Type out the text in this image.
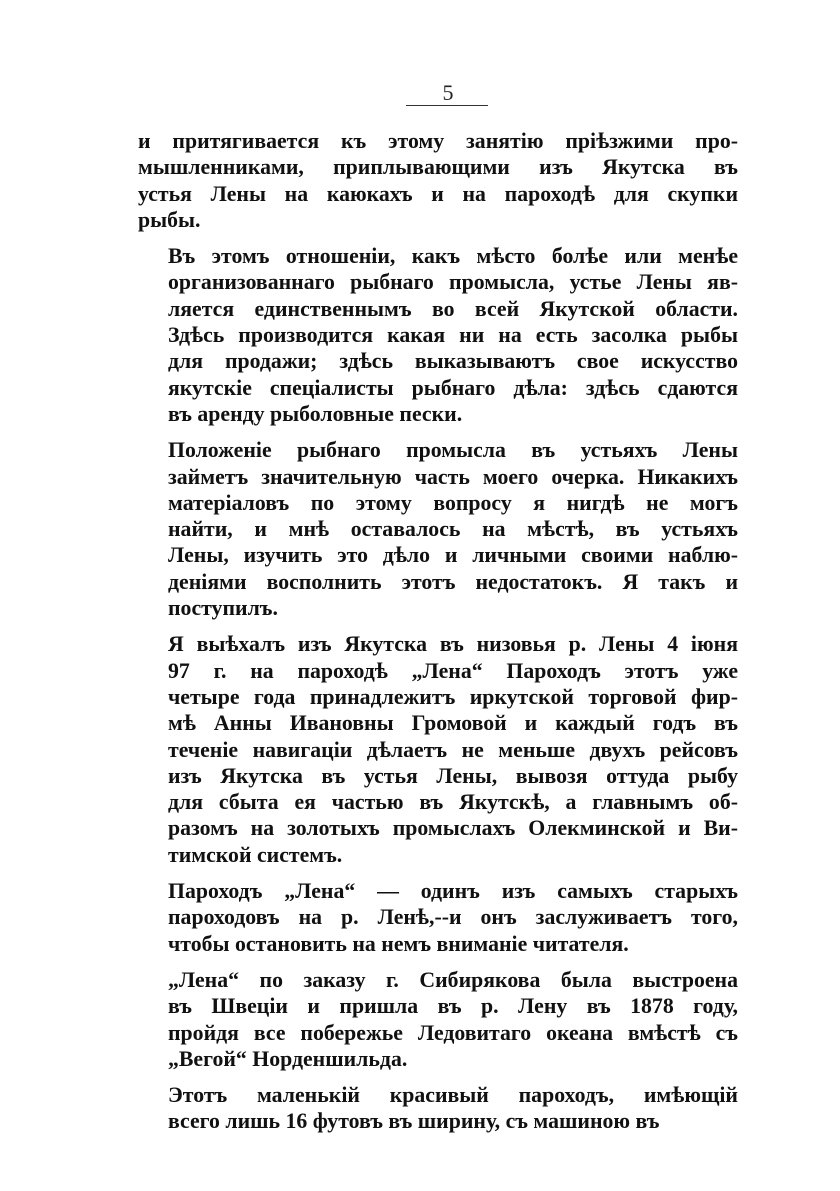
5

и притягивается къ этому занятію пріѣзжими про-
мышленниками, приплывающими изъ Якутска въ
устья Лены на каюкахъ и на пароходѣ для скупки
рыбы.

Въ этомъ отношеніи, какъ мѣсто болѣе или менѣе
организованнаго рыбнаго промысла, устье Лены яв-
ляется единственнымъ во всей Якутской области.
Здѣсь производится какая ни на есть засолка рыбы
для продажи; здѣсь выказываютъ свое искусство
якутскіе спеціалисты рыбнаго дѣла: здѣсь сдаются
въ аренду рыболовные пески.

Положеніе рыбнаго промысла въ устьяхъ Лены
займетъ значительную часть моего очерка. Никакихъ
матеріаловъ по этому вопросу я нигдѣ не могъ
найти, и мнѣ оставалось на мѣстѣ, въ устьяхъ
Лены, изучить это дѣло и личными своими наблю-
деніями восполнить этотъ недостатокъ. Я такъ и
поступилъ.

Я выѣхалъ изъ Якутска въ низовья р. Лены 4 іюня
97 г. на пароходѣ „Лена“ Пароходъ этотъ уже
четыре года принадлежитъ иркутской торговой фир-
мѣ Анны Ивановны Громовой и каждый годъ въ
теченіе навигаціи дѣлаетъ не меньше двухъ рейсовъ
изъ Якутска въ устья Лены, вывозя оттуда рыбу
для сбыта ея частью въ Якутскѣ, а главнымъ об-
разомъ на золотыхъ промыслахъ Олекминской и Ви-
тимской системъ.

Пароходъ „Лена“ — одинъ изъ самыхъ старыхъ
пароходовъ на р. Ленѣ,--и онъ заслуживаетъ того,
чтобы остановить на немъ вниманіе читателя.

„Лена“ по заказу г. Сибирякова была выстроена
въ Швеціи и пришла въ р. Лену въ 1878 году,
пройдя все побережье Ледовитаго океана вмѣстѣ съ
„Вегой“ Норденшильда.

Этотъ маленькій красивый пароходъ, имѣющій
всего лишь 16 футовъ въ ширину, съ машиною въ
